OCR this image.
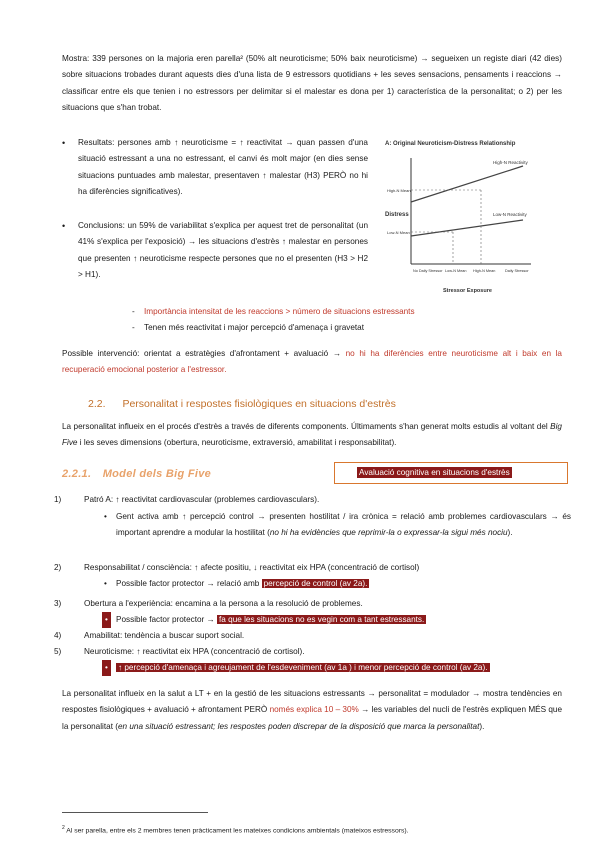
Mostra: 339 persones on la majoria eren parella² (50% alt neuroticisme; 50% baix neuroticisme) → segueixen un registe diari (42 dies) sobre situacions trobades durant aquests dies d'una lista de 9 estressors quotidians + les seves sensacions, pensaments i reaccions → classificar entre els que tenien i no estressors per delimitar si el malestar es dona per 1) característica de la personalitat; o 2) per les situacions que s'han trobat.

• Resultats: persones amb ↑ neuroticisme = ↑ reactivitat → quan passen d'una situació estressant a una no estressant, el canvi és molt major (en dies sense situacions puntuades amb malestar, presentaven ↑ malestar (H3) PERÒ no hi ha diferències significatives).

• Conclusions: un 59% de variabilitat s'explica per aquest tret de personalitat (un 41% s'explica per l'exposició) → les situacions d'estrès ↑ malestar en persones que presenten ↑ neuroticisme respecte persones que no el presenten (H3 > H2 > H1).

A: Original Neuroticism-Distress Relationship
High-N Reactivity
Low-N Reactivity
Distress
High-N Mean
Low-N Mean
No Daily Stressor Low-N Mean High-N Mean	Daily Stressor
Stressor Exposure
- Importància intensitat de les reaccions > número de situacions estressants
- Tenen més reactivitat i major percepció d'amenaça i gravetat

Possible intervenció: orientat a estratègies d'afrontament + avaluació → no hi ha diferències entre neuroticisme alt i baix en la recuperació emocional posterior a l'estressor.

2.2. Personalitat i respostes fisiològiques en situacions d'estrès

La personalitat influeix en el procés d'estrès a través de diferents components. Últimaments s'han generat molts estudis al voltant del Big Five i les seves dimensions (obertura, neuroticisme, extraversió, amabilitat i responsabilitat).

2.2.1. Model dels Big Five	Avaluació cognitiva en situacions d'estrès
1)	Patró A: ↑ reactivitat cardiovascular (problemes cardiovasculars).
• Gent activa amb ↑ percepció control → presenten hostilitat / ira crònica = relació amb problemes cardiovasculars → és important aprendre a modular la hostilitat (no hi ha evidències que reprimir-la o expressar-la sigui més nociu).

2)	Responsabilitat / consciència: ↑ afecte positiu, ↓ reactivitat eix HPA (concentració de cortisol)
• Possible factor protector → relació amb percepció de control (av 2a).
3)	Obertura a l'experiència: encamina a la persona a la resolució de problemes.
• Possible factor protector → fa que les situacions no es vegin com a tant estressants.
4)	Amabilitat: tendència a buscar suport social.
5)	Neuroticisme: ↑ reactivitat eix HPA (concentració de cortisol).
•	↑ percepció d'amenaça i agreujament de l'esdeveniment (av 1a ) i menor percepció de control (av 2a).

La personalitat influeix en la salut a LT + en la gestió de les situacions estressants → personalitat = modulador → mostra tendències en respostes fisiològiques + avaluació + afrontament PERÒ només explica 10 – 30% → les variables del nucli de l'estrès expliquen MÉS que la personalitat (en una situació estressant; les respostes poden discrepar de la disposició que marca la personalitat).

$^2$ Al ser parella, entre els 2 membres tenen pràcticament les mateixes condicions ambientals (mateixos estressors).
